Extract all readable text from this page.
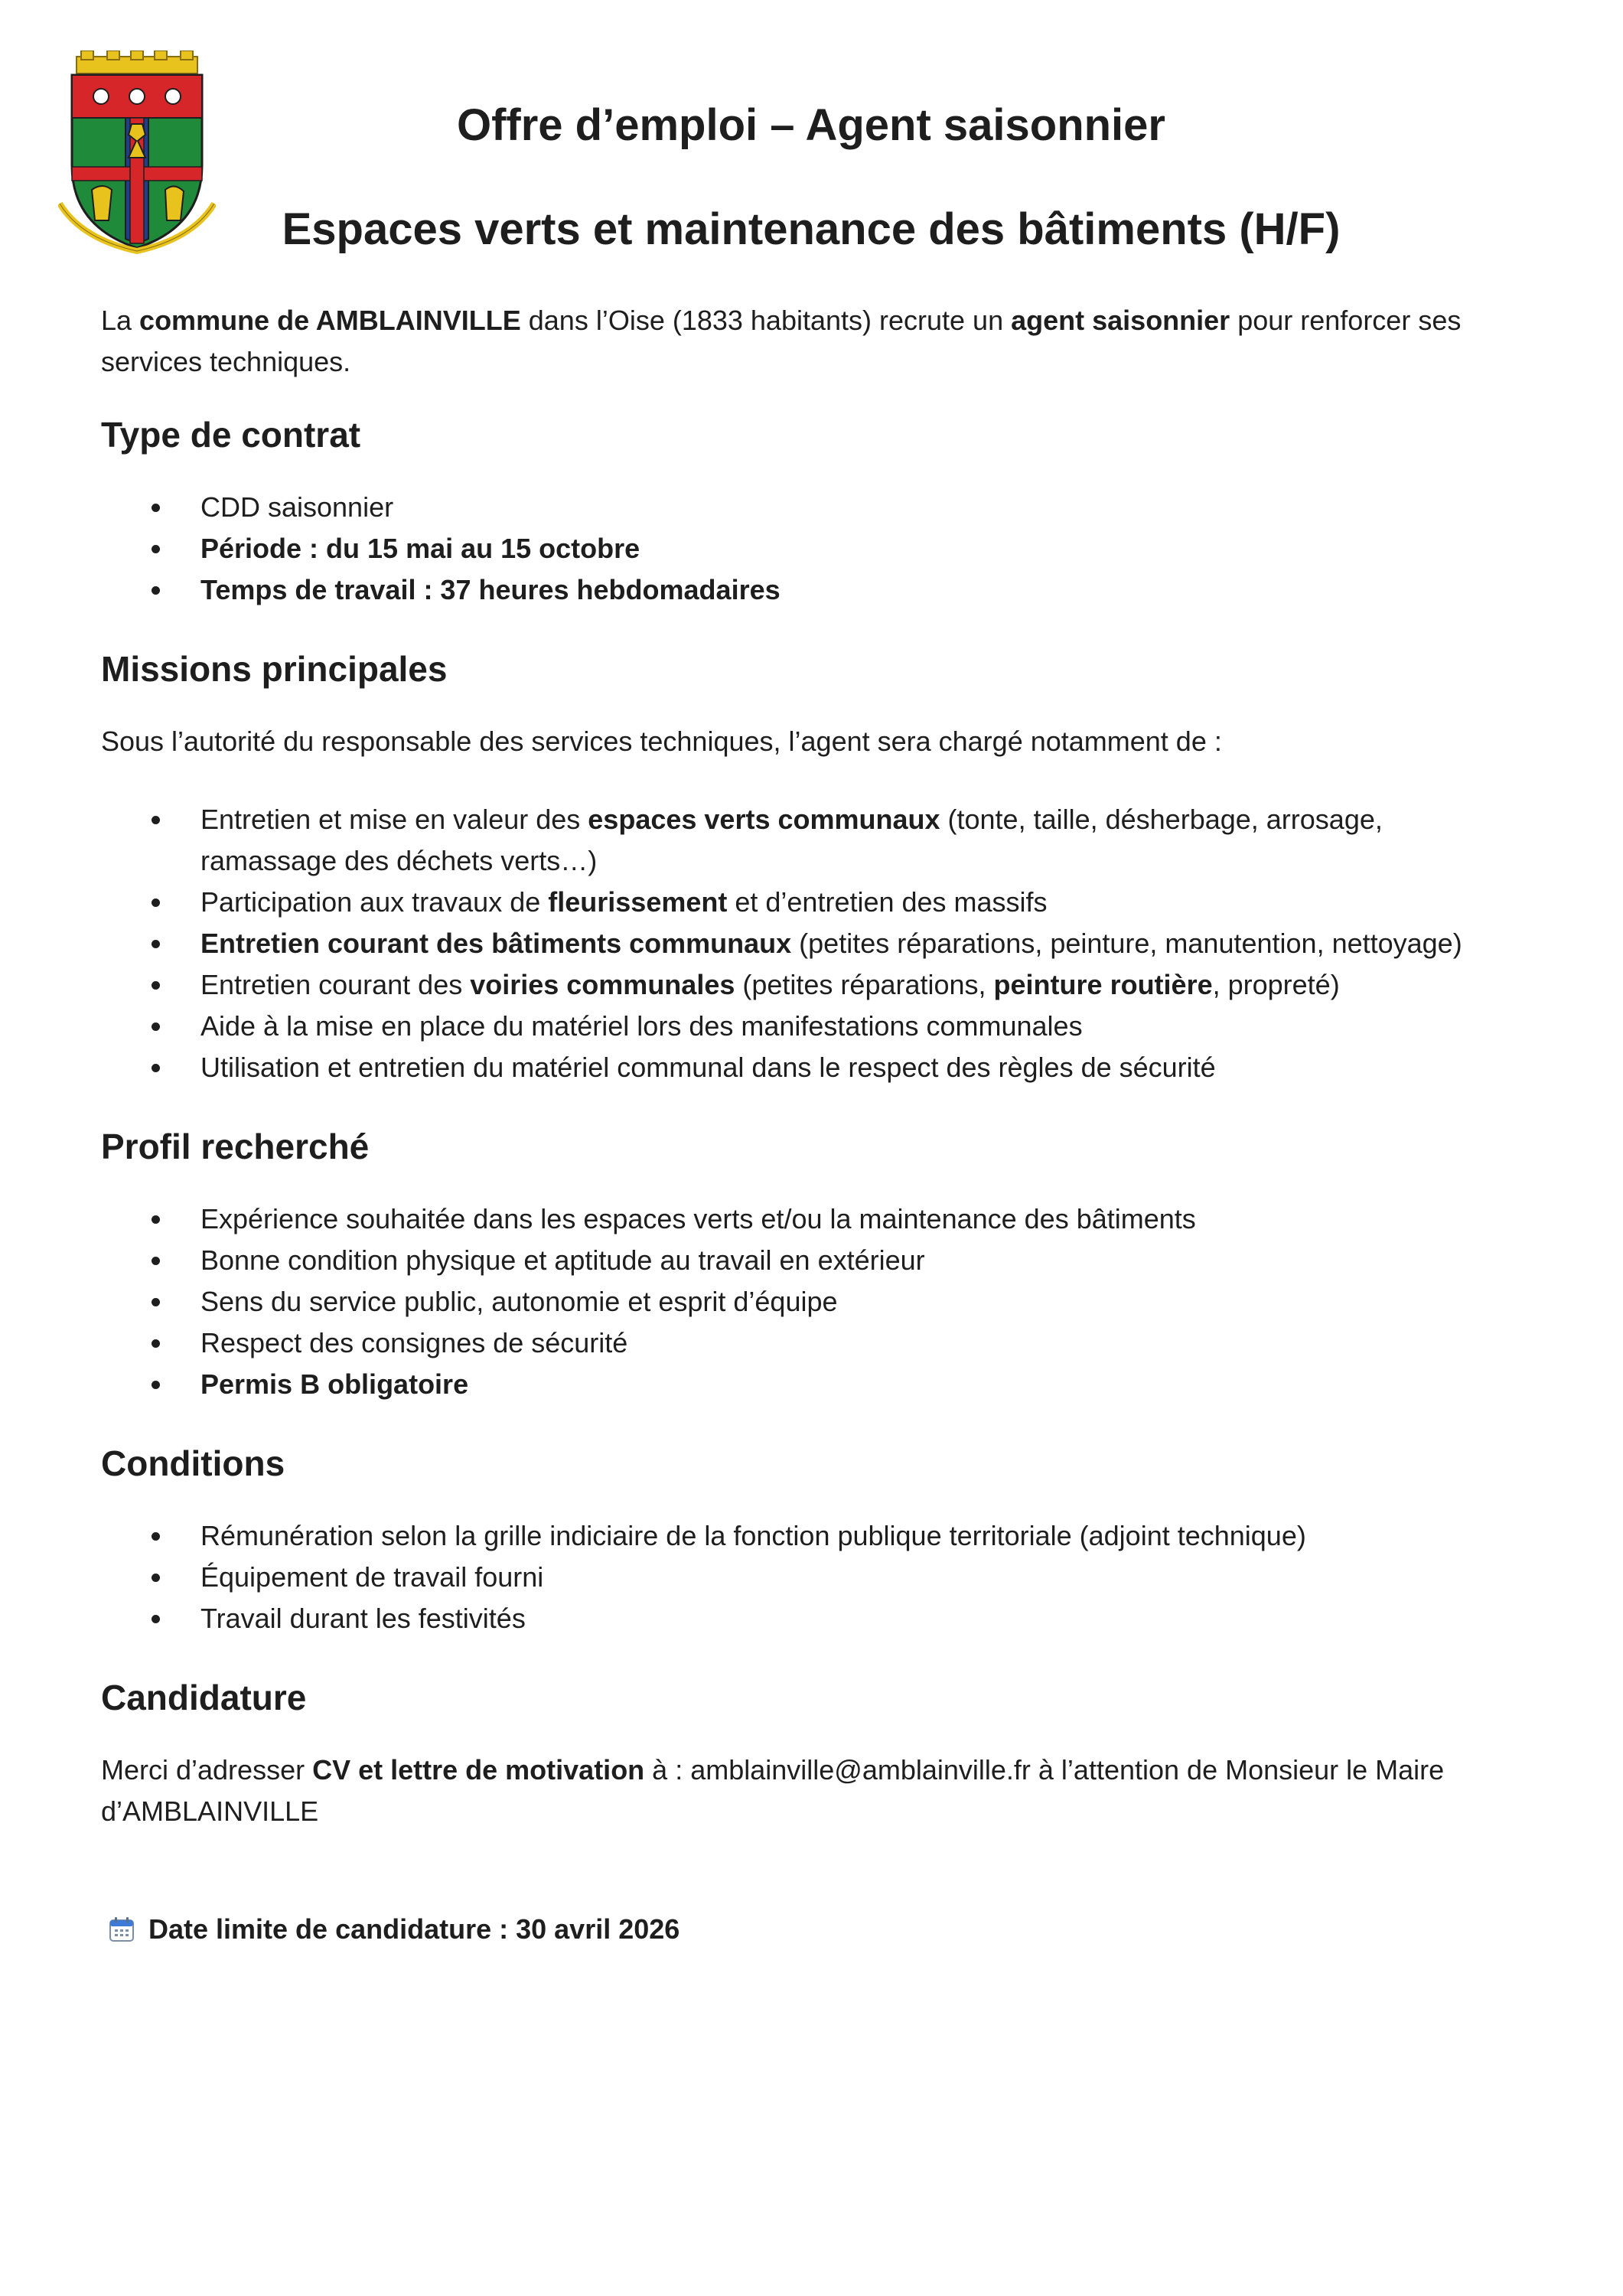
Offre d’emploi – Agent saisonnier
Espaces verts et maintenance des bâtiments (H/F)

La commune de AMBLAINVILLE dans l’Oise (1833 habitants) recrute un agent saisonnier pour renforcer ses services techniques.

Type de contrat
CDD saisonnier
Période : du 15 mai au 15 octobre
Temps de travail : 37 heures hebdomadaires
Missions principales

Sous l’autorité du responsable des services techniques, l’agent sera chargé notamment de :

Entretien et mise en valeur des espaces verts communaux (tonte, taille, désherbage, arrosage, ramassage des déchets verts…)
Participation aux travaux de fleurissement et d’entretien des massifs
Entretien courant des bâtiments communaux (petites réparations, peinture, manutention, nettoyage)
Entretien courant des voiries communales (petites réparations, peinture routière, propreté)
Aide à la mise en place du matériel lors des manifestations communales
Utilisation et entretien du matériel communal dans le respect des règles de sécurité
Profil recherché
Expérience souhaitée dans les espaces verts et/ou la maintenance des bâtiments
Bonne condition physique et aptitude au travail en extérieur
Sens du service public, autonomie et esprit d’équipe
Respect des consignes de sécurité
Permis B obligatoire
Conditions
Rémunération selon la grille indiciaire de la fonction publique territoriale (adjoint technique)
Équipement de travail fourni
Travail durant les festivités
Candidature

Merci d’adresser CV et lettre de motivation à : amblainville@amblainville.fr à l’attention de Monsieur le Maire d’AMBLAINVILLE

Date limite de candidature : 30 avril 2026
